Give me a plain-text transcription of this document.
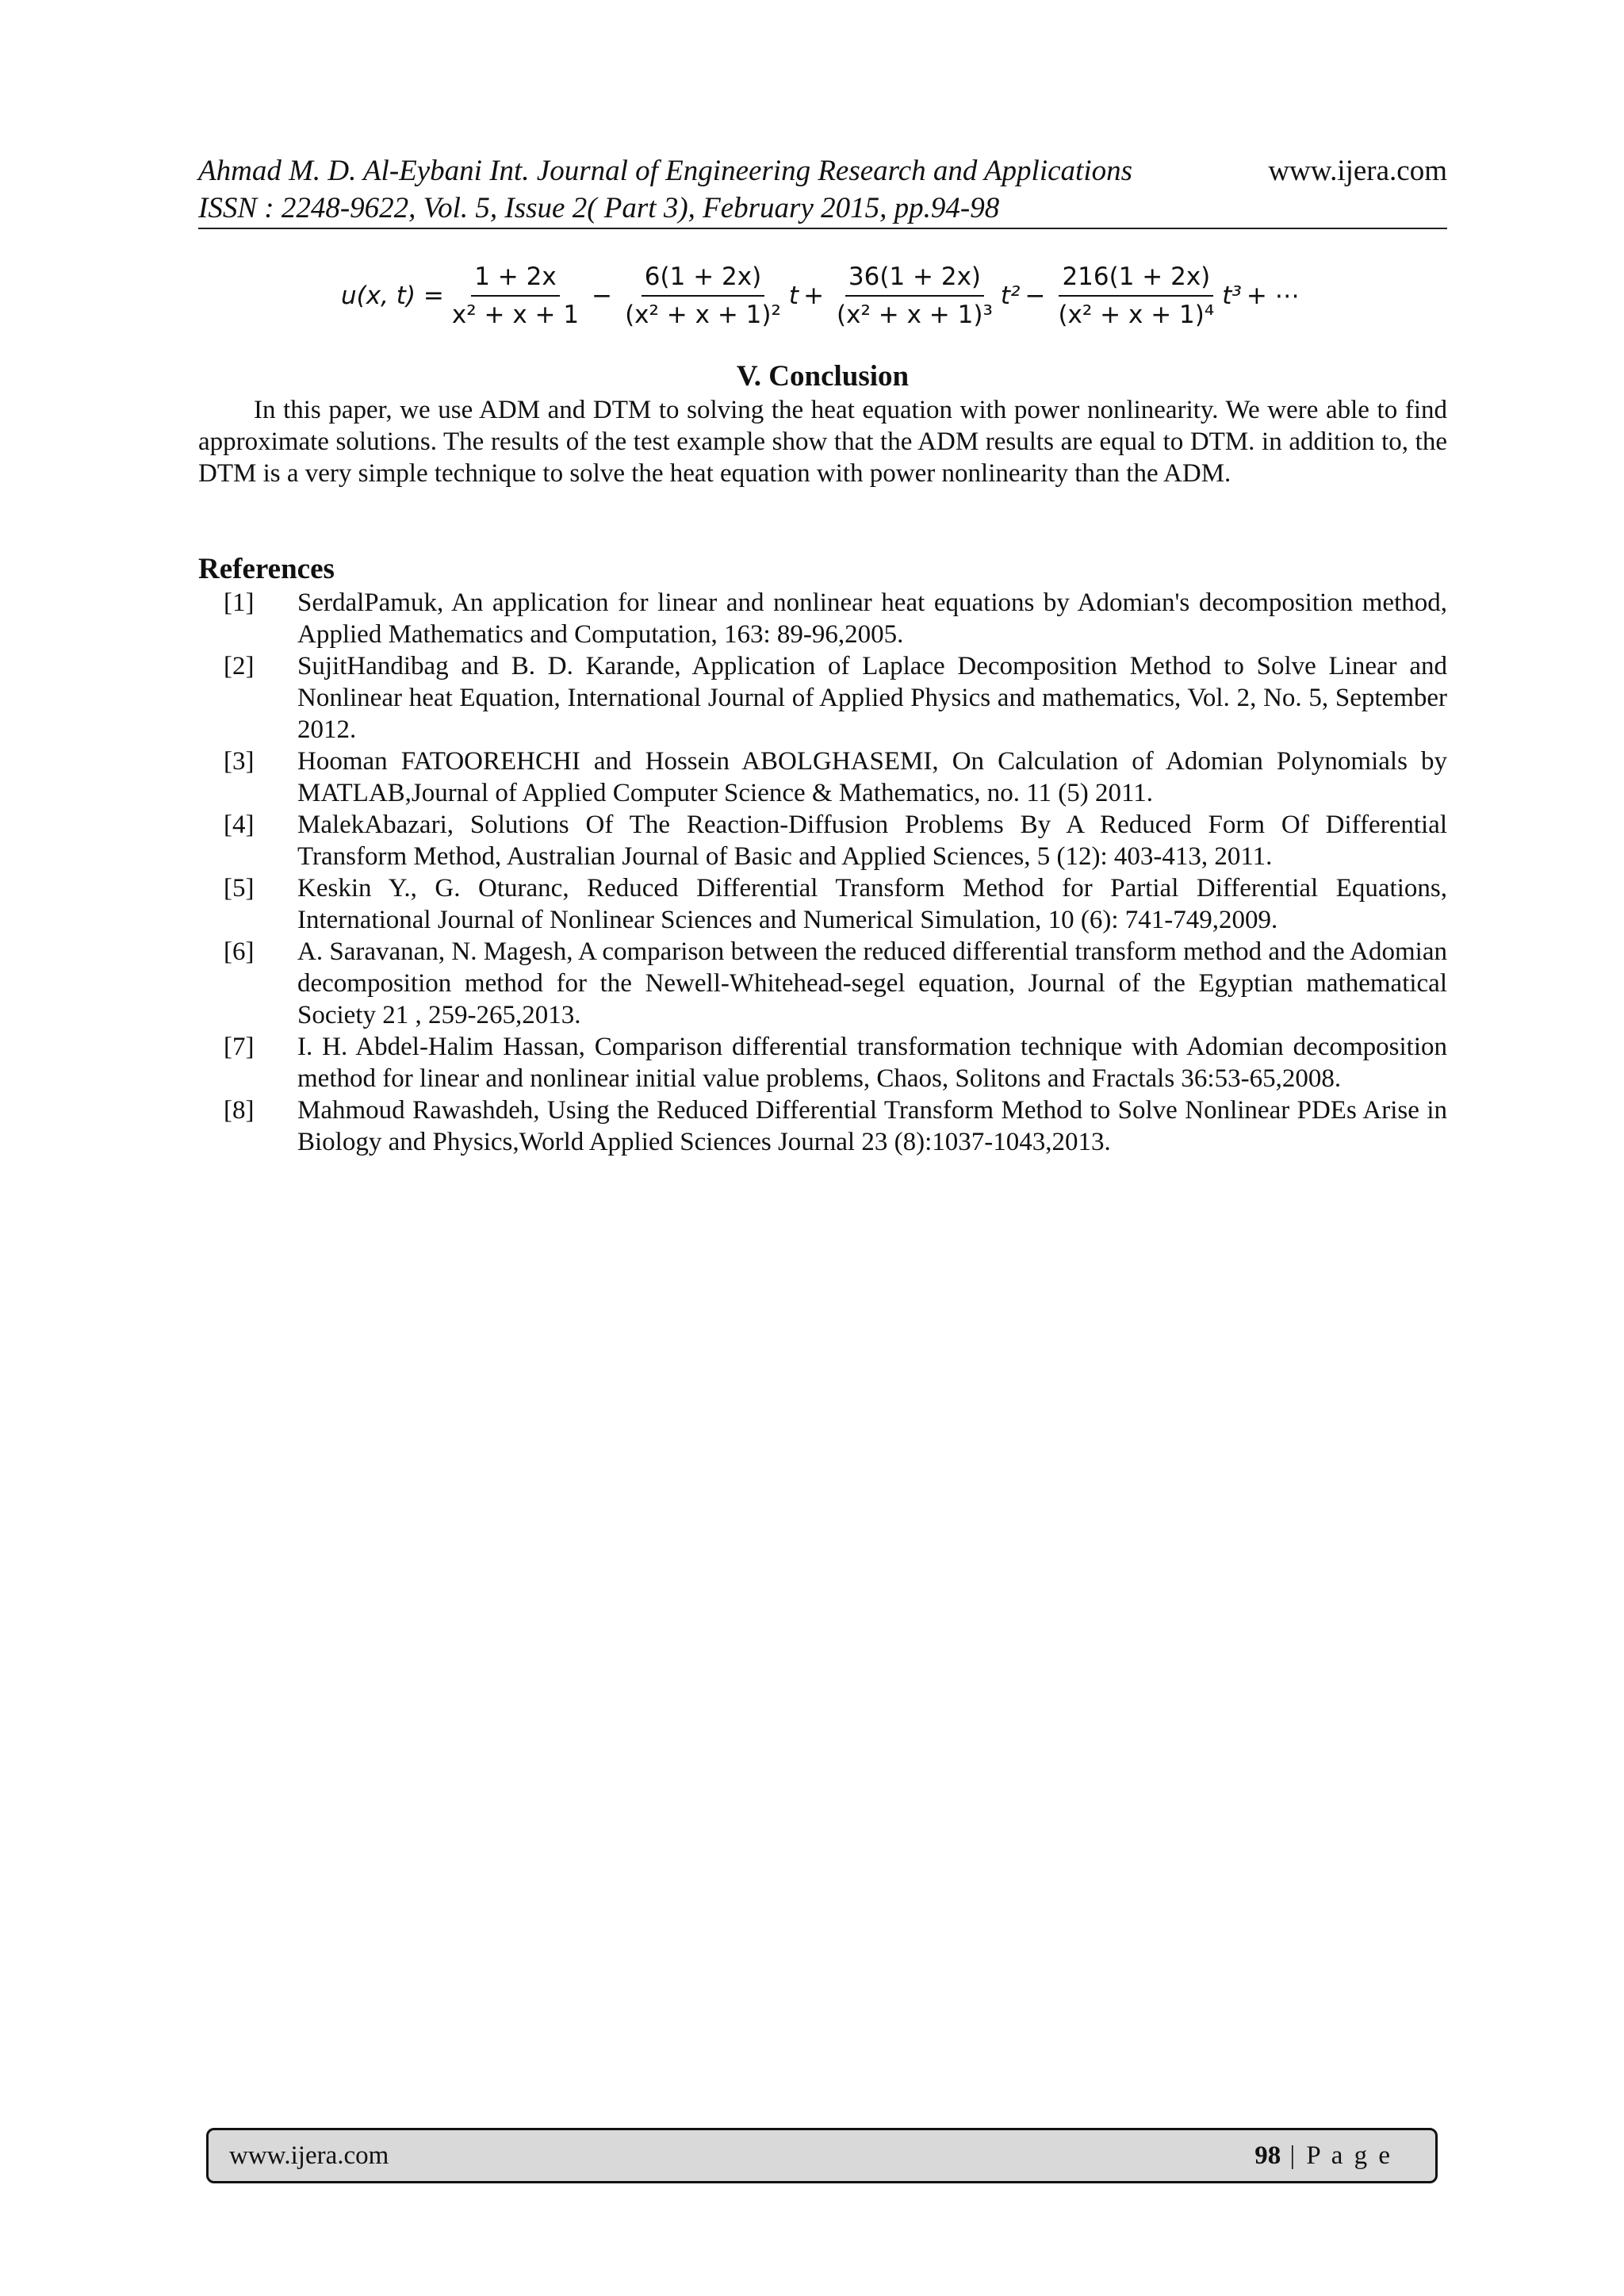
Ahmad M. D. Al-Eybani Int. Journal of Engineering Research and Applications
ISSN : 2248-9622, Vol. 5, Issue 2( Part 3), February 2015, pp.94-98
www.ijera.com
u(x, $t) = \frac{1 + 2x}{\text{x² + x + 1}} - \frac{6(1 + 2x)}{\text{(x² + x + 1)²}}$ $t + \frac{36(1 + 2x)}{\text{(x² + x + 1)³}} t^2 - \frac{216(1 + 2x)}{\text{(x² + x + 1)⁴}} t^3$ + ⋯
V. Conclusion
In this paper, we use ADM and DTM to solving the heat equation with power nonlinearity. We were able to find approximate solutions. The results of the test example show that the ADM results are equal to DTM. in addition to, the DTM is a very simple technique to solve the heat equation with power nonlinearity than the ADM.
References
[1]	SerdalPamuk, An application for linear and nonlinear heat equations by Adomian's decomposition method, Applied Mathematics and Computation, 163: 89-96,2005.
[2]	SujitHandibag and B. D. Karande, Application of Laplace Decomposition Method to Solve Linear and Nonlinear heat Equation, International Journal of Applied Physics and mathematics, Vol. 2, No. 5, September 2012.
[3]	Hooman FATOOREHCHI and Hossein ABOLGHASEMI, On Calculation of Adomian Polynomials by MATLAB,Journal of Applied Computer Science & Mathematics, no. 11 (5) 2011.
[4]	MalekAbazari, Solutions Of The Reaction-Diffusion Problems By A Reduced Form Of Differential Transform Method, Australian Journal of Basic and Applied Sciences, 5 (12): 403-413, 2011.
[5]	Keskin Y., G. Oturanc, Reduced Differential Transform Method for Partial Differential Equations, International Journal of Nonlinear Sciences and Numerical Simulation, 10 (6): 741-749,2009.
[6]	A. Saravanan, N. Magesh, A comparison between the reduced differential transform method and the Adomian decomposition method for the Newell-Whitehead-segel equation, Journal of the Egyptian mathematical Society 21 , 259-265,2013.
[7]	I. H. Abdel-Halim Hassan, Comparison differential transformation technique with Adomian decomposition method for linear and nonlinear initial value problems, Chaos, Solitons and Fractals 36:53-65,2008.
[8]	Mahmoud Rawashdeh, Using the Reduced Differential Transform Method to Solve Nonlinear PDEs Arise in Biology and Physics,World Applied Sciences Journal 23 (8):1037-1043,2013.
www.ijera.com	98 | P a g e
